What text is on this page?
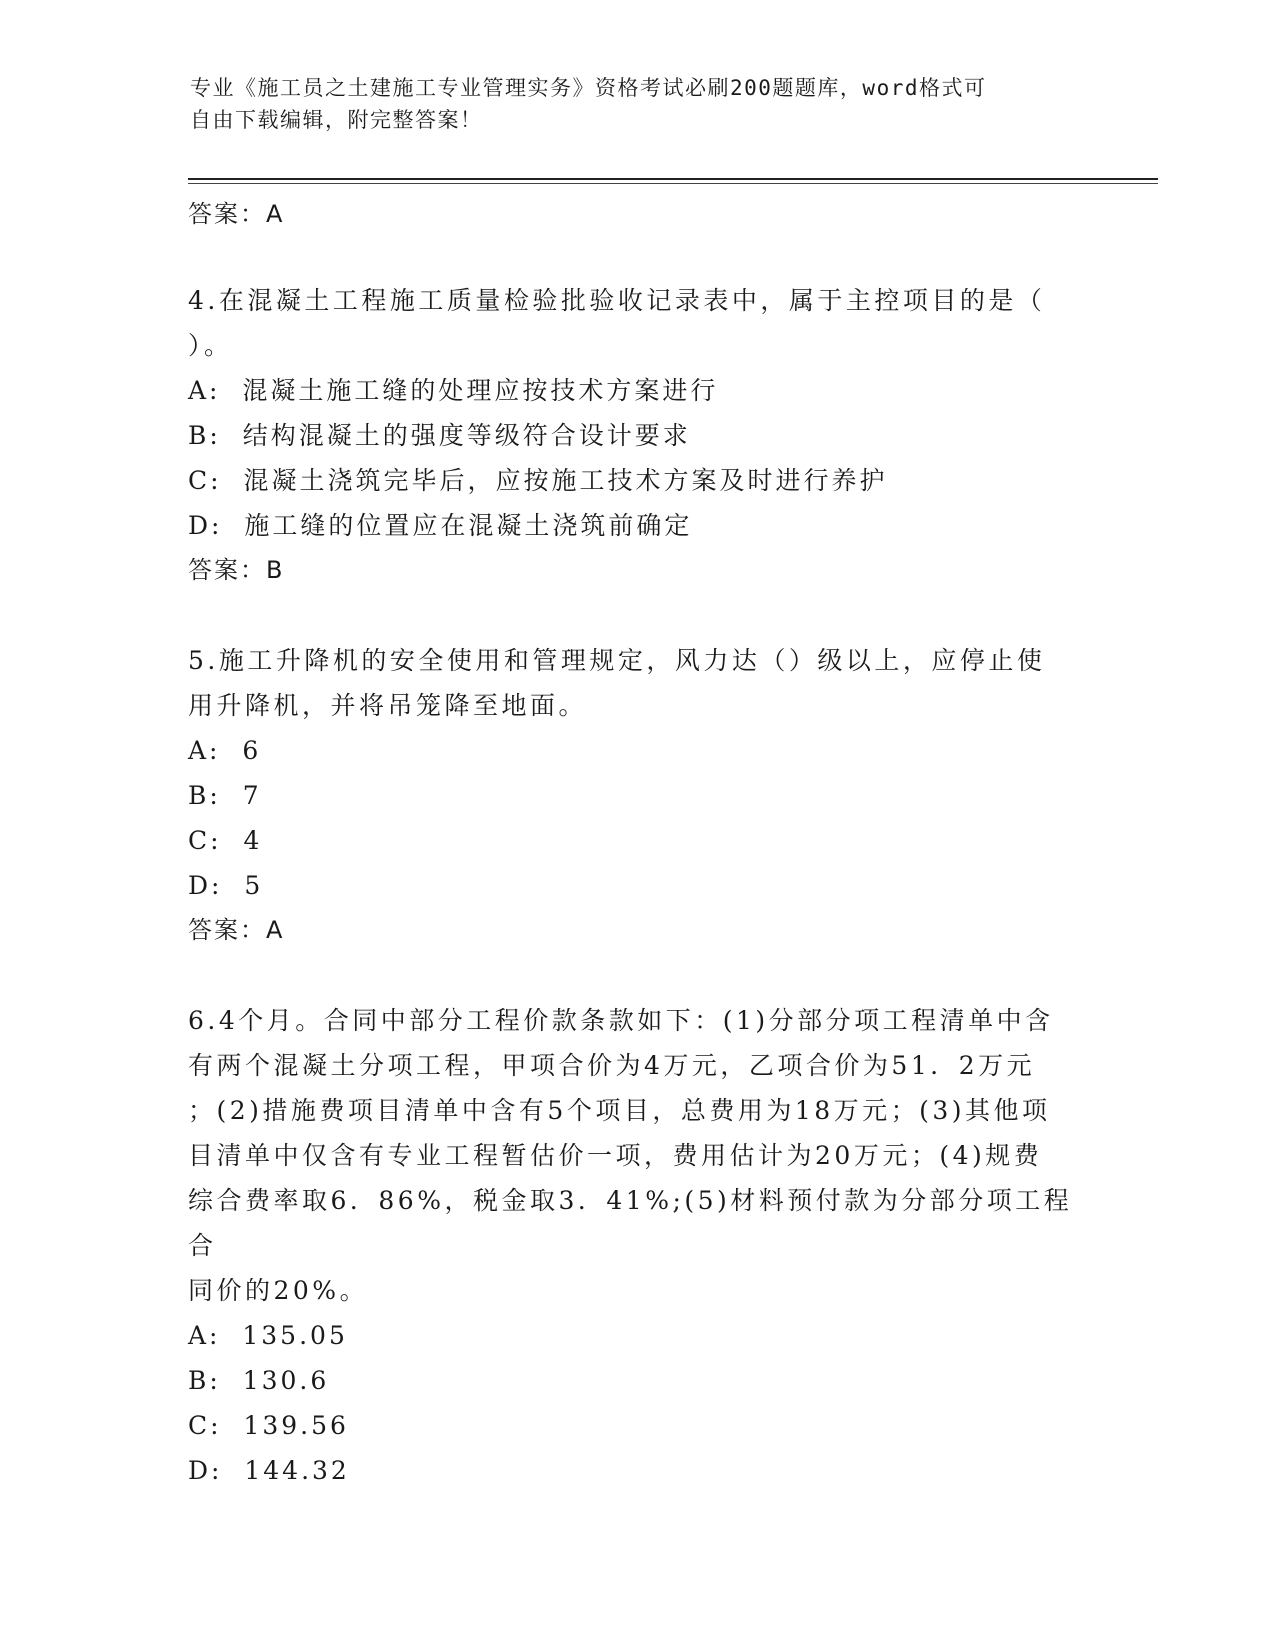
专业《施工员之土建施工专业管理实务》资格考试必刷200题题库，word格式可
自由下载编辑，附完整答案！

答案：A

4.在混凝土工程施工质量检验批验收记录表中，属于主控项目的是（

）。

A:  混凝土施工缝的处理应按技术方案进行

B:  结构混凝土的强度等级符合设计要求

C:  混凝土浇筑完毕后，应按施工技术方案及时进行养护

D:  施工缝的位置应在混凝土浇筑前确定

答案：B

5.施工升降机的安全使用和管理规定，风力达（）级以上，应停止使

用升降机，并将吊笼降至地面。

A:  6

B:  7

C:  4

D:  5

答案：A

6.4个月。合同中部分工程价款条款如下：(1)分部分项工程清单中含

有两个混凝土分项工程，甲项合价为4万元，乙项合价为51．2万元

；(2)措施费项目清单中含有5个项目，总费用为18万元；(3)其他项

目清单中仅含有专业工程暂估价一项，费用估计为20万元；(4)规费

综合费率取6．86%，税金取3．41%;(5)材料预付款为分部分项工程合

同价的20%。

A:  135.05

B:  130.6

C:  139.56

D:  144.32
